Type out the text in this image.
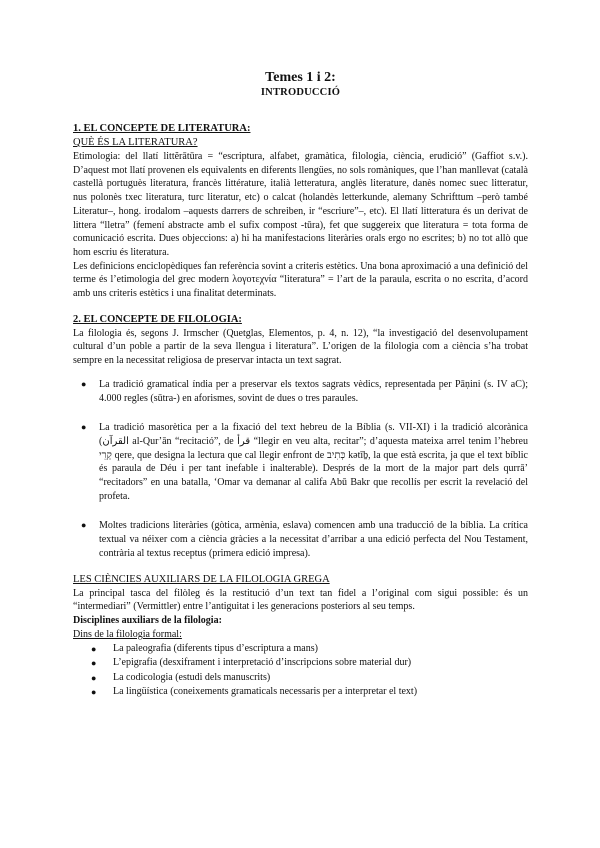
Temes 1 i 2:
INTRODUCCIÓ
1. EL CONCEPTE DE LITERATURA:
QUÈ ÉS LA LITERATURA?

Etimologia: del llatí littĕrātūra = “escriptura, alfabet, gramàtica, filologia, ciència, erudició” (Gaffiot s.v.). D’aquest mot llatí provenen els equivalents en diferents llengües, no sols romàniques, que l’han manllevat (català castellà portuguès literatura, francès littérature, italià letteratura, anglès literature, danès nomeс suec litteratur, nus polonès txec literatura, turc literatur, etc) o calcat (holandès letterkunde, alemany Schrifttum –però també Literatur–, hong. irodalom –aquests darrers de schreiben, ir “escriure”–, etc). El llatí litteratura és un derivat de littera “lletra” (femení abstracte amb el sufix compost -tūra), fet que suggereix que literatura = tota forma de comunicació escrita. Dues objeccions: a) hi ha manifestacions literàries orals ergo no escrites; b) no tot allò que hom escriu és literatura.

Les definicions enciclopèdiques fan referència sovint a criteris estètics. Una bona aproximació a una definició del terme és l’etimologia del grec modern λογοτεχνία “literatura” = l’art de la paraula, escrita o no escrita, d’acord amb uns criteris estètics i una finalitat determinats.

2. EL CONCEPTE DE FILOLOGIA:

La filologia és, segons J. Irmscher (Quetglas, Elementos, p. 4, n. 12), “la investigació del desenvolupament cultural d’un poble a partir de la seva llengua i literatura”. L’origen de la filologia com a ciència s’ha trobat sempre en la necessitat religiosa de preservar intacta un text sagrat.

● La tradició gramatical índia per a preservar els textos sagrats vèdics, representada per Pāṇini (s. IV aC); 4.000 regles (sūtra-) en aforismes, sovint de dues o tres paraules.
● La tradició masorètica per a la fixació del text hebreu de la Bíblia (s. VII-XI) i la tradició alcorànica (القرآن al-Qur’ān “recitació”, de قرأ “llegir en veu alta, recitar”; d’aquesta mateixa arrel tenim l’hebreu קְרֵי qere, que designa la lectura que cal llegir enfront de כְּתִיב kətīḇ, la que està escrita, ja que el text bíblic és paraula de Déu i per tant inefable i inalterable). Després de la mort de la major part dels qurrā’ “recitadors” en una batalla, ‘Omar va demanar al califa Abū Bakr que recollís per escrit la revelació del profeta.
● Moltes tradicions literàries (gòtica, armènia, eslava) comencen amb una traducció de la bíblia. La crítica textual va néixer com a ciència gràcies a la necessitat d’arribar a una edició perfecta del Nou Testament, contrària al textus receptus (primera edició impresa).
LES CIÈNCIES AUXILIARS DE LA FILOLOGIA GREGA

La principal tasca del filòleg és la restitució d’un text tan fidel a l’original com sigui possible: és un “intermediari” (Vermittler) entre l’antiguitat i les generacions posteriors al seu temps.

Disciplines auxiliars de la filologia:
Dins de la filologia formal:
● La paleografia (diferents tipus d’escriptura a mans)
● L’epigrafia (desxiframent i interpretació d’inscripcions sobre material dur)
● La codicologia (estudi dels manuscrits)
● La lingüística (coneixements gramaticals necessaris per a interpretar el text)
